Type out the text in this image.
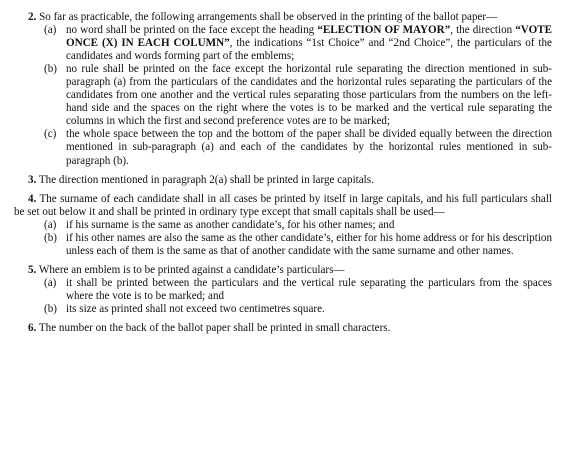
2. So far as practicable, the following arrangements shall be observed in the printing of the ballot paper—

(a) no word shall be printed on the face except the heading “ELECTION OF MAYOR”, the direction “VOTE ONCE (X) IN EACH COLUMN”, the indications “1st Choice” and “2nd Choice”, the particulars of the candidates and words forming part of the emblems;
(b) no rule shall be printed on the face except the horizontal rule separating the direction mentioned in sub-paragraph (a) from the particulars of the candidates and the horizontal rules separating the particulars of the candidates from one another and the vertical rules separating those particulars from the numbers on the left-hand side and the spaces on the right where the votes is to be marked and the vertical rule separating the columns in which the first and second preference votes are to be marked;
(c) the whole space between the top and the bottom of the paper shall be divided equally between the direction mentioned in sub-paragraph (a) and each of the candidates by the horizontal rules mentioned in sub-paragraph (b).

3. The direction mentioned in paragraph 2(a) shall be printed in large capitals.

4. The surname of each candidate shall in all cases be printed by itself in large capitals, and his full particulars shall be set out below it and shall be printed in ordinary type except that small capitals shall be used—

(a) if his surname is the same as another candidate’s, for his other names; and
(b) if his other names are also the same as the other candidate’s, either for his home address or for his description unless each of them is the same as that of another candidate with the same surname and other names.

5. Where an emblem is to be printed against a candidate’s particulars—

(a) it shall be printed between the particulars and the vertical rule separating the particulars from the spaces where the vote is to be marked; and
(b) its size as printed shall not exceed two centimetres square.

6. The number on the back of the ballot paper shall be printed in small characters.
